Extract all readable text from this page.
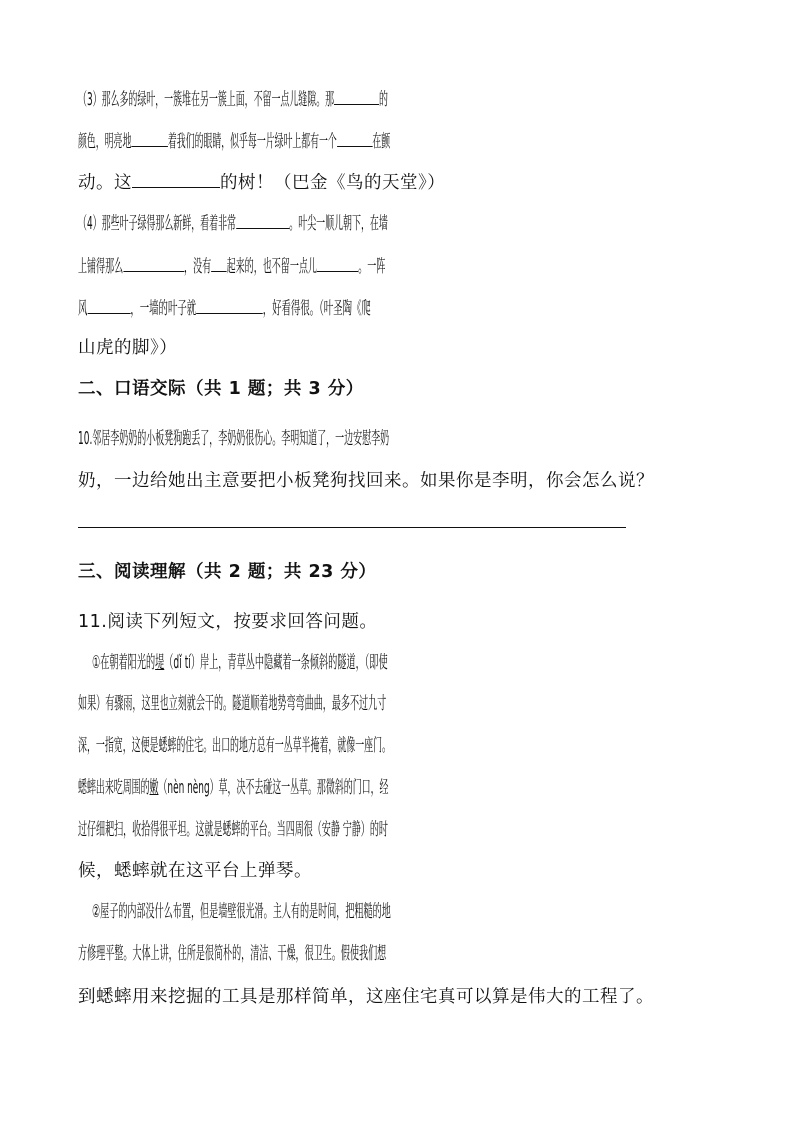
（3）那么多的绿叶，一簇堆在另一簇上面，不留一点儿缝隙。那	的
颜色，明亮地 着我们的眼睛，似乎每一片绿叶上都有一个 在颤
动。这	的树！（巴金《鸟的天堂》）
（4）那些叶子绿得那么新鲜，看着非常	。叶尖一顺儿朝下，在墙
上铺得那么	，没有 起来的，也不留一点儿 。一阵
风 ，一墙的叶子就	，好看得很。（叶圣陶《爬
山虎的脚》）
二、口语交际（共 1 题；共 3 分）
10.邻居李奶奶的小板凳狗跑丢了，李奶奶很伤心。李明知道了，一边安慰李奶
奶，一边给她出主意要把小板凳狗找回来。如果你是李明，你会怎么说？
三、阅读理解（共 2 题；共 23 分）
11.阅读下列短文，按要求回答问题。
①在朝着阳光的堤（dǐ tí）岸上，青草丛中隐藏着一条倾斜的隧道，（即使
如果）有骤雨，这里也立刻就会干的。隧道顺着地势弯弯曲曲，最多不过九寸
深，一指宽，这便是蟋蟀的住宅。出口的地方总有一丛草半掩着，就像一座门。
蟋蟀出来吃周围的嫩（nèn nèng）草，决不去碰这一丛草。那微斜的门口，经
过仔细耙扫，收拾得很平坦。这就是蟋蟀的平台。当四周很（安静 宁静）的时
候，蟋蟀就在这平台上弹琴。
②屋子的内部没什么布置，但是墙壁很光滑。主人有的是时间，把粗糙的地
方修理平整。大体上讲，住所是很简朴的，清洁、干燥，很卫生。假使我们想
到蟋蟀用来挖掘的工具是那样简单，这座住宅真可以算是伟大的工程了。
